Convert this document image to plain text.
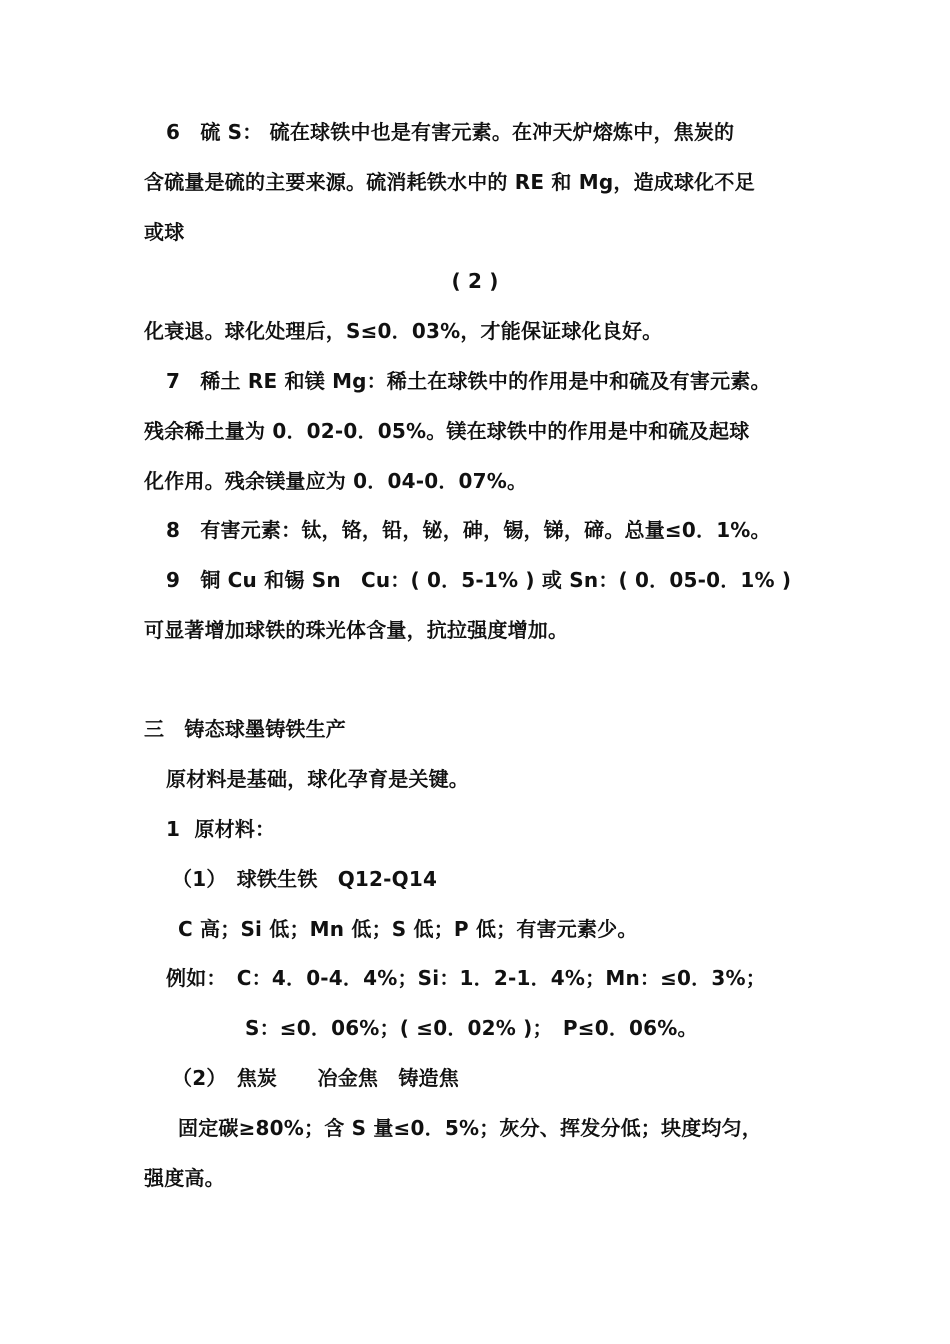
6　硫 S： 硫在球铁中也是有害元素。在冲天炉熔炼中，焦炭的
含硫量是硫的主要来源。硫消耗铁水中的 RE 和 Mg，造成球化不足
或球
( 2 )
化衰退。球化处理后，S≤0．03%，才能保证球化良好。
7　稀土 RE 和镁 Mg：稀土在球铁中的作用是中和硫及有害元素。
残余稀土量为 0．02-0．05%。镁在球铁中的作用是中和硫及起球
化作用。残余镁量应为 0．04-0．07%。
8　有害元素：钛，铬，铅，铋，砷，锡，锑，碲。总量≤0．1%。
9　铜 Cu 和锡 Sn　Cu：( 0．5-1% ) 或 Sn：( 0．05-0．1% )
可显著增加球铁的珠光体含量，抗拉强度增加。
三　铸态球墨铸铁生产
原材料是基础，球化孕育是关键。
1  原材料：
（1）　球铁生铁　Q12-Q14
C 高；Si 低；Mn 低；S 低；P 低；有害元素少。
例如：　C：4．0-4．4%；Si：1．2-1．4%；Mn：≤0．3%；
S：≤0．06%；( ≤0．02% )；　P≤0．06%。
（2）　焦炭　　冶金焦　铸造焦
固定碳≥80%；含 S 量≤0．5%；灰分、挥发分低；块度均匀，
强度高。
